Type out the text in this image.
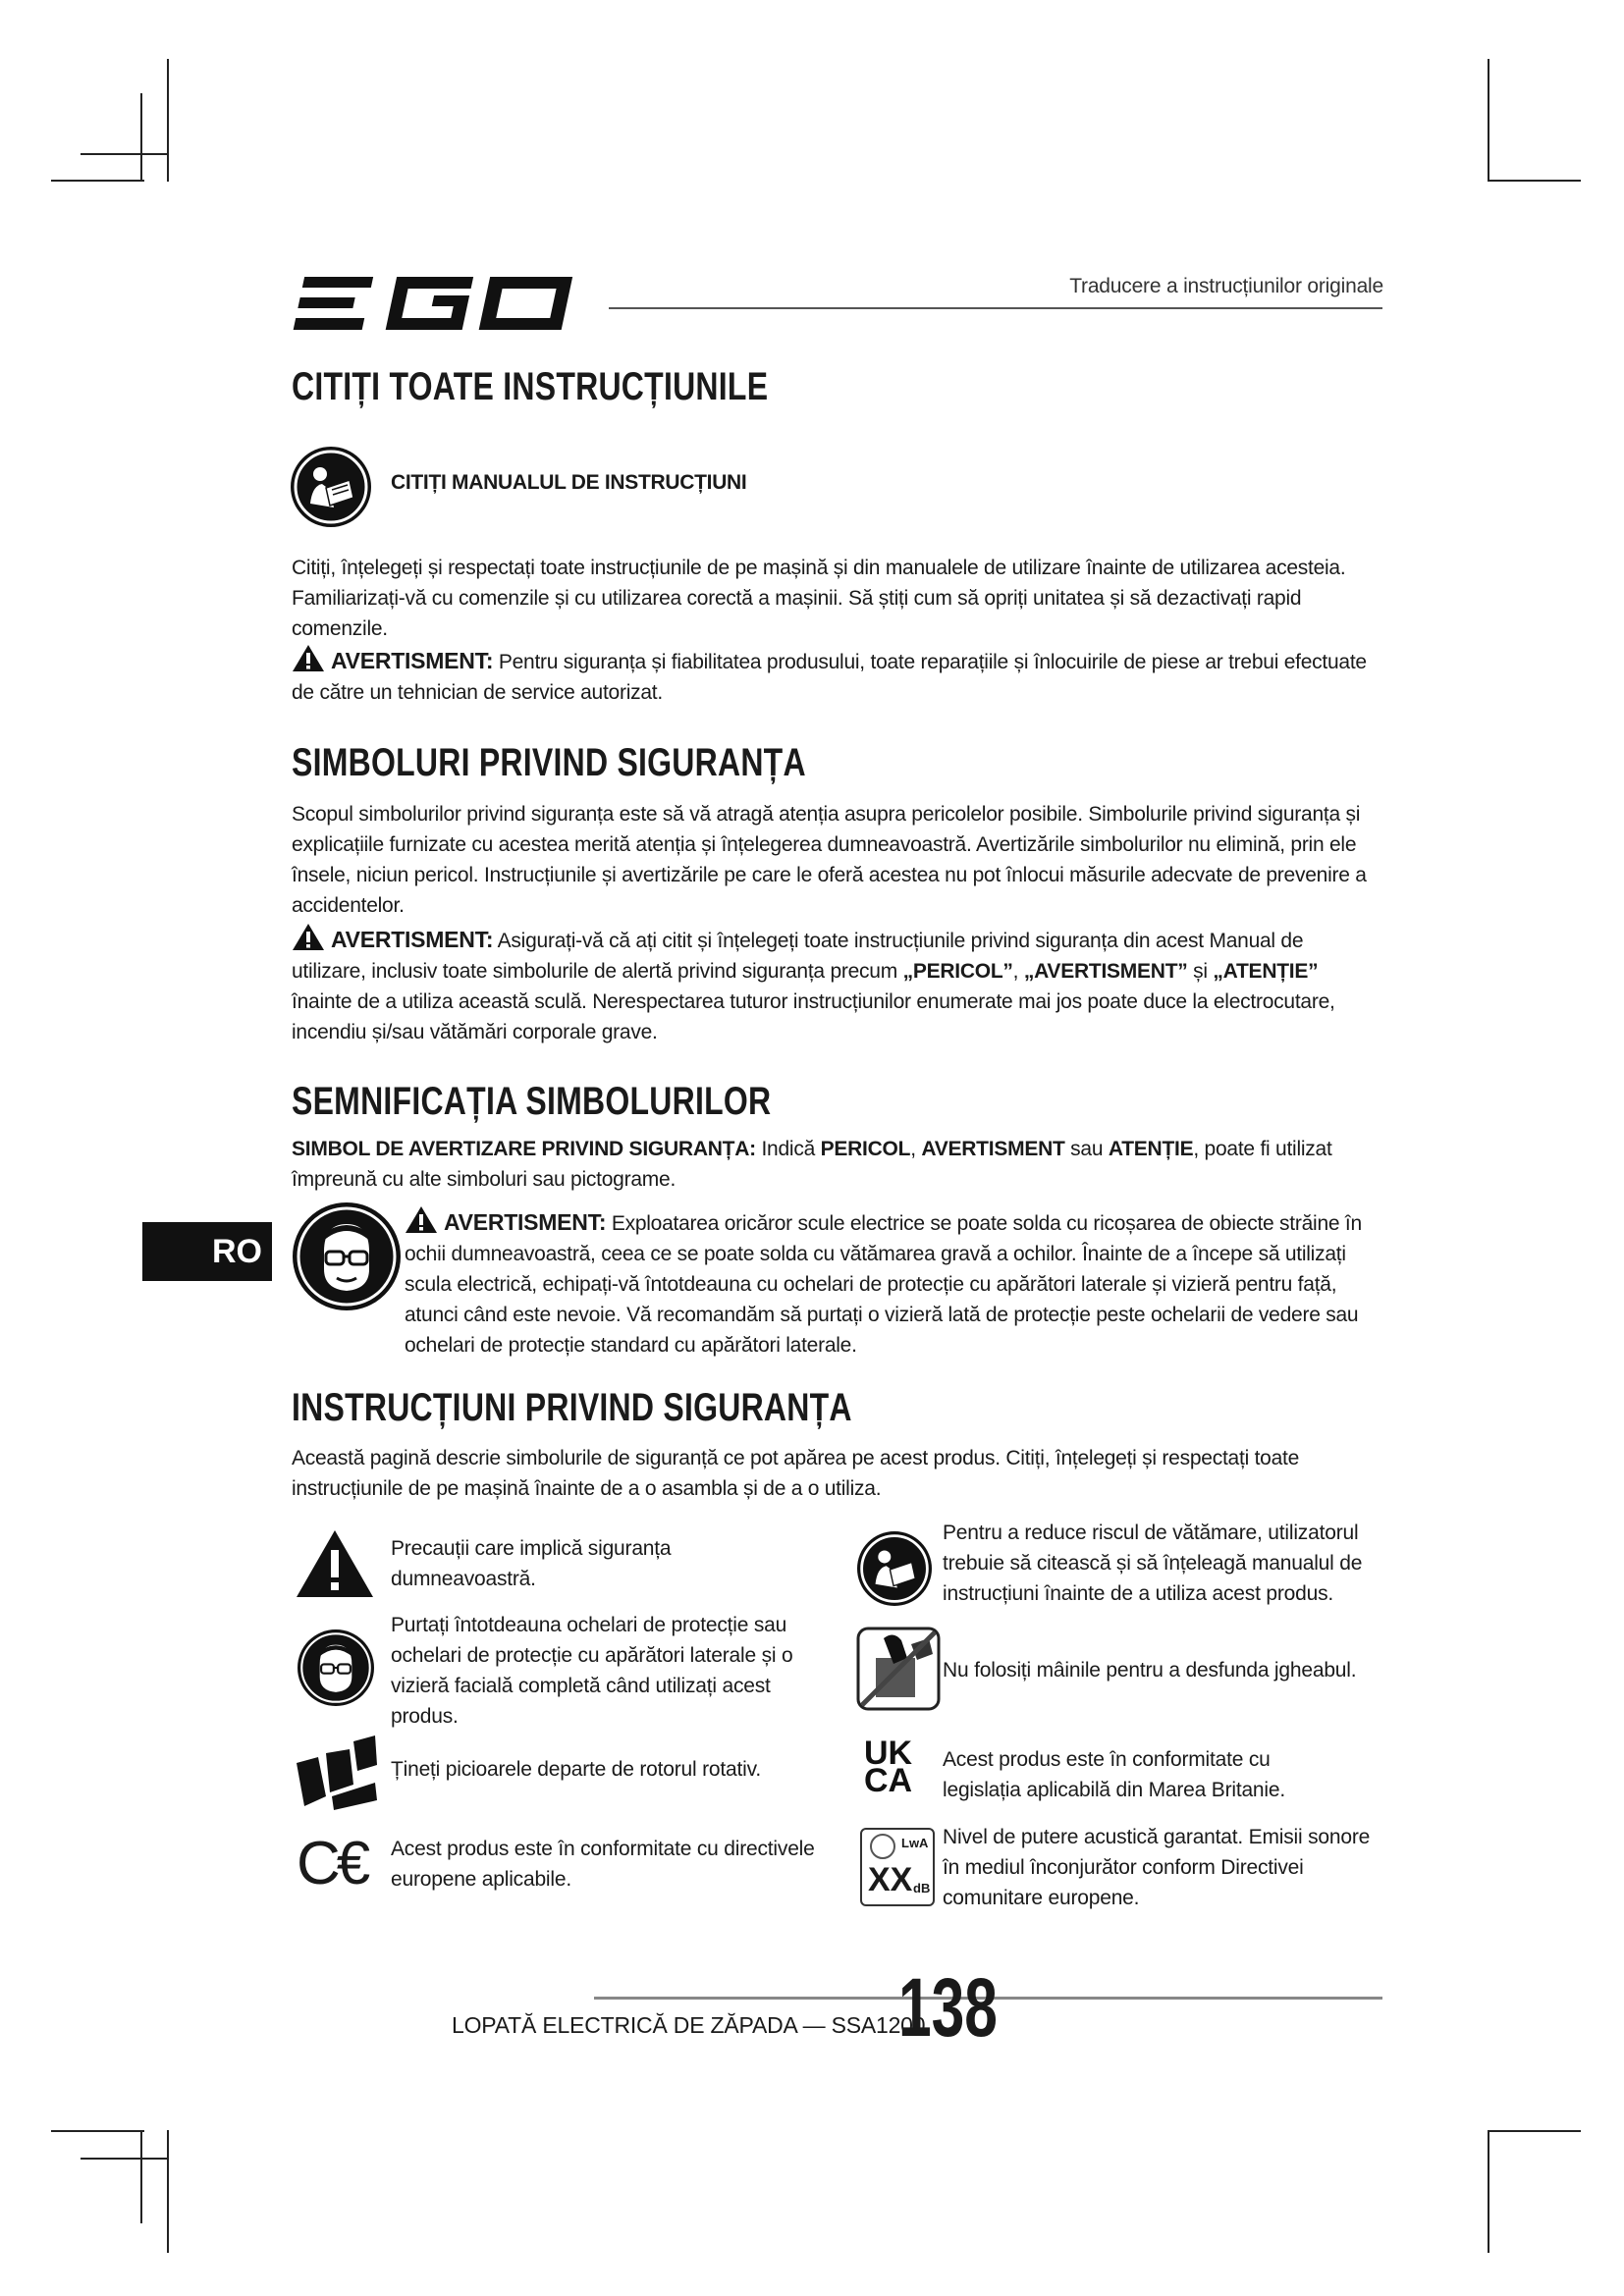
Traducere a instrucțiunilor originale
CITIȚI TOATE INSTRUCȚIUNILE
CITIȚI MANUALUL DE INSTRUCȚIUNI

Citiți, înțelegeți și respectați toate instrucțiunile de pe mașină și din manualele de utilizare înainte de utilizarea acesteia. Familiarizați-vă cu comenzile și cu utilizarea corectă a mașinii. Să știți cum să opriți unitatea și să dezactivați rapid comenzile.

AVERTISMENT: Pentru siguranța și fiabilitatea produsului, toate reparațiile și înlocuirile de piese ar trebui efectuate de către un tehnician de service autorizat.

SIMBOLURI PRIVIND SIGURANȚA

Scopul simbolurilor privind siguranța este să vă atragă atenția asupra pericolelor posibile. Simbolurile privind siguranța și explicațiile furnizate cu acestea merită atenția și înțelegerea dumneavoastră. Avertizările simbolurilor nu elimină, prin ele însele, niciun pericol. Instrucțiunile și avertizările pe care le oferă acestea nu pot înlocui măsurile adecvate de prevenire a accidentelor.

AVERTISMENT: Asigurați-vă că ați citit și înțelegeți toate instrucțiunile privind siguranța din acest Manual de utilizare, inclusiv toate simbolurile de alertă privind siguranța precum „PERICOL”, „AVERTISMENT” și „ATENȚIE” înainte de a utiliza această sculă. Nerespectarea tuturor instrucțiunilor enumerate mai jos poate duce la electrocutare, incendiu și/sau vătămări corporale grave.

SEMNIFICAȚIA SIMBOLURILOR

SIMBOL DE AVERTIZARE PRIVIND SIGURANȚA: Indică PERICOL, AVERTISMENT sau ATENȚIE, poate fi utilizat împreună cu alte simboluri sau pictograme.

RO

AVERTISMENT: Exploatarea oricăror scule electrice se poate solda cu ricoșarea de obiecte străine în ochii dumneavoastră, ceea ce se poate solda cu vătămarea gravă a ochilor. Înainte de a începe să utilizați scula electrică, echipați-vă întotdeauna cu ochelari de protecție cu apărători laterale și vizieră pentru față, atunci când este nevoie. Vă recomandăm să purtați o vizieră lată de protecție peste ochelarii de vedere sau ochelari de protecție standard cu apărători laterale.

INSTRUCȚIUNI PRIVIND SIGURANȚA

Această pagină descrie simbolurile de siguranță ce pot apărea pe acest produs. Citiți, înțelegeți și respectați toate instrucțiunile de pe mașină înainte de a o asambla și de a o utiliza.

Precauții care implică siguranța dumneavoastră.

Purtați întotdeauna ochelari de protecție sau ochelari de protecție cu apărători laterale și o vizieră facială completă când utilizați acest produs.

Țineți picioarele departe de rotorul rotativ.

C€ Acest produs este în conformitate cu directivele europene aplicabile.

Pentru a reduce riscul de vătămare, utilizatorul trebuie să citească și să înțeleagă manualul de instrucțiuni înainte de a utiliza acest produs.

Nu folosiți mâinile pentru a desfunda jgheabul.

UK
CA

Acest produs este în conformitate cu legislația aplicabilă din Marea Britanie.

LwA
XX dB

Nivel de putere acustică garantat. Emisii sonore în mediul înconjurător conform Directivei comunitare europene.

LOPATĂ ELECTRICĂ DE ZĂPADA — SSA1200
138
